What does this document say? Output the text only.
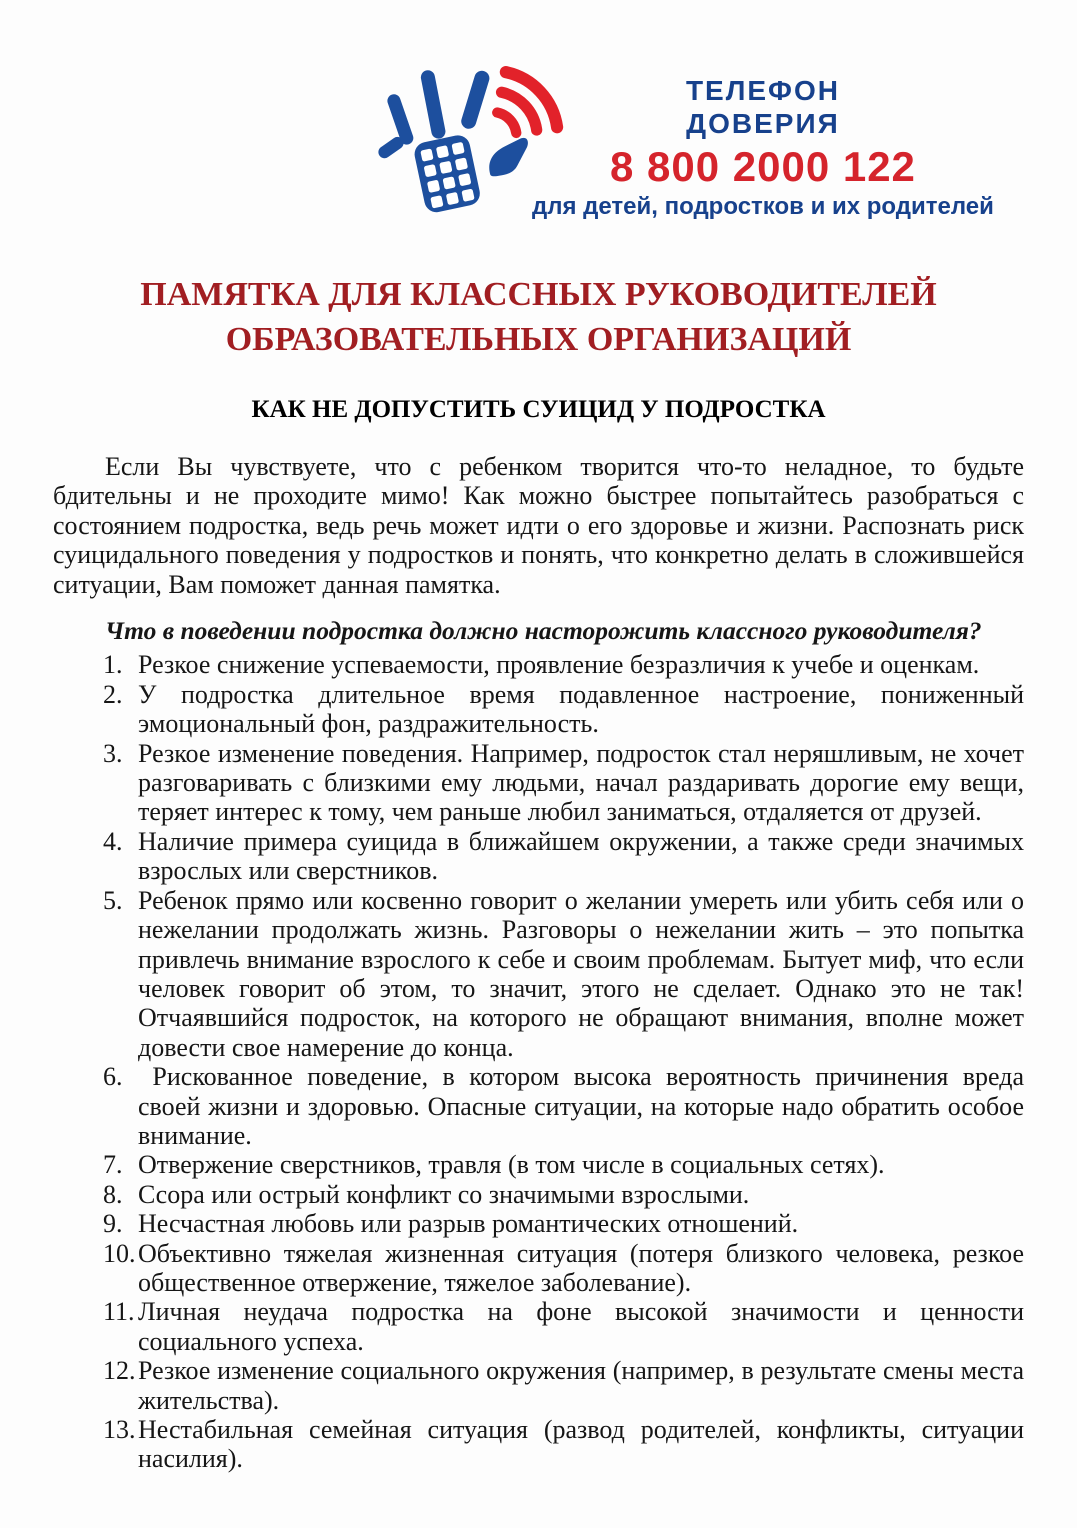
ТЕЛЕФОН
ДОВЕРИЯ
8 800 2000 122
для детей, подростков и их родителей
ПАМЯТКА ДЛЯ КЛАССНЫХ РУКОВОДИТЕЛЕЙ
ОБРАЗОВАТЕЛЬНЫХ ОРГАНИЗАЦИЙ
КАК НЕ ДОПУСТИТЬ СУИЦИД У ПОДРОСТКА

Если Вы чувствуете, что с ребенком творится что-то неладное, то будьте бдительны и не проходите мимо! Как можно быстрее попытайтесь разобраться с состоянием подростка, ведь речь может идти о его здоровье и жизни. Распознать риск суицидального поведения у подростков и понять, что конкретно делать в сложившейся ситуации, Вам поможет данная памятка.

Что в поведении подростка должно насторожить классного руководителя?

1. Резкое снижение успеваемости, проявление безразличия к учебе и оценкам.
2. У подростка длительное время подавленное настроение, пониженный эмоциональный фон, раздражительность.
3. Резкое изменение поведения. Например, подросток стал неряшливым, не хочет разговаривать с близкими ему людьми, начал раздаривать дорогие ему вещи, теряет интерес к тому, чем раньше любил заниматься, отдаляется от друзей.
4. Наличие примера суицида в ближайшем окружении, а также среди значимых взрослых или сверстников.
5. Ребенок прямо или косвенно говорит о желании умереть или убить себя или о нежелании продолжать жизнь. Разговоры о нежелании жить – это попытка привлечь внимание взрослого к себе и своим проблемам. Бытует миф, что если человек говорит об этом, то значит, этого не сделает. Однако это не так! Отчаявшийся подросток, на которого не обращают внимания, вполне может довести свое намерение до конца.
6. Рискованное поведение, в котором высока вероятность причинения вреда своей жизни и здоровью. Опасные ситуации, на которые надо обратить особое внимание.
7. Отвержение сверстников, травля (в том числе в социальных сетях).
8. Ссора или острый конфликт со значимыми взрослыми.
9. Несчастная любовь или разрыв романтических отношений.
10.Объективно тяжелая жизненная ситуация (потеря близкого человека, резкое общественное отвержение, тяжелое заболевание).
11. Личная неудача подростка на фоне высокой значимости и ценности социального успеха.
12.Резкое изменение социального окружения (например, в результате смены места жительства).
13.Нестабильная семейная ситуация (развод родителей, конфликты, ситуации насилия).
